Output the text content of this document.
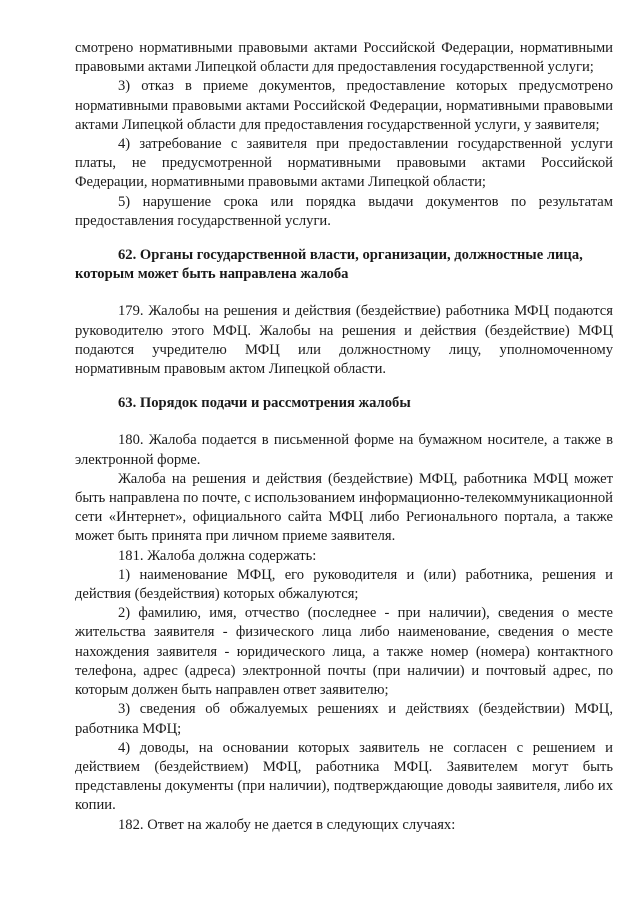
смотрено нормативными правовыми актами Российской Федерации, нормативными правовыми актами Липецкой области для предоставления государственной услуги;

3) отказ в приеме документов, предоставление которых предусмотрено нормативными правовыми актами Российской Федерации, нормативными правовыми актами Липецкой области для предоставления государственной услуги, у заявителя;

4) затребование с заявителя при предоставлении государственной услуги платы, не предусмотренной нормативными правовыми актами Российской Федерации, нормативными правовыми актами Липецкой области;

5) нарушение срока или порядка выдачи документов по результатам предоставления государственной услуги.

62. Органы государственной власти, организации, должностные лица, которым может быть направлена жалоба

179. Жалобы на решения и действия (бездействие) работника МФЦ подаются руководителю этого МФЦ. Жалобы на решения и действия (бездействие) МФЦ подаются учредителю МФЦ или должностному лицу, уполномоченному нормативным правовым актом Липецкой области.

63. Порядок подачи и рассмотрения жалобы

180. Жалоба подается в письменной форме на бумажном носителе, а также в электронной форме.

Жалоба на решения и действия (бездействие) МФЦ, работника МФЦ может быть направлена по почте, с использованием информационно-телекоммуникационной сети «Интернет», официального сайта МФЦ либо Регионального портала, а также может быть принята при личном приеме заявителя.

181. Жалоба должна содержать:

1) наименование МФЦ, его руководителя и (или) работника, решения и действия (бездействия) которых обжалуются;

2) фамилию, имя, отчество (последнее - при наличии), сведения о месте жительства заявителя - физического лица либо наименование, сведения о месте нахождения заявителя - юридического лица, а также номер (номера) контактного телефона, адрес (адреса) электронной почты (при наличии) и почтовый адрес, по которым должен быть направлен ответ заявителю;

3) сведения об обжалуемых решениях и действиях (бездействии) МФЦ, работника МФЦ;

4) доводы, на основании которых заявитель не согласен с решением и действием (бездействием) МФЦ, работника МФЦ. Заявителем могут быть представлены документы (при наличии), подтверждающие доводы заявителя, либо их копии.

182. Ответ на жалобу не дается в следующих случаях:
